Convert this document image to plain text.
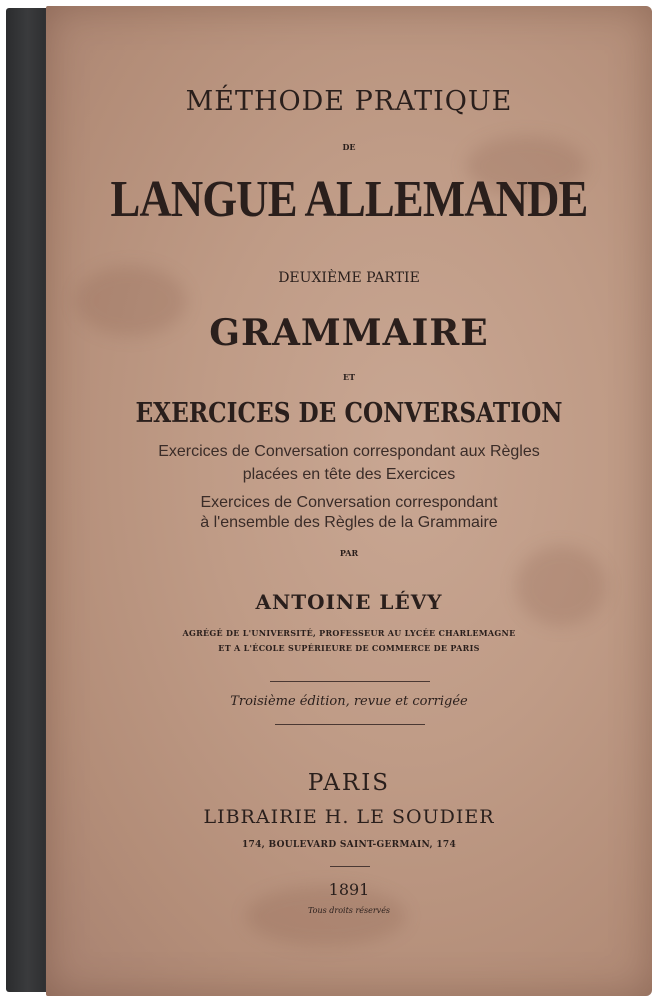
MÉTHODE PRATIQUE
DE
LANGUE ALLEMANDE
DEUXIÈME PARTIE
GRAMMAIRE
ET
EXERCICES DE CONVERSATION
Exercices de Conversation correspondant aux Règles
placées en tête des Exercices
Exercices de Conversation correspondant
à l'ensemble des Règles de la Grammaire
PAR
ANTOINE LÉVY
AGRÉGÉ DE L'UNIVERSITÉ, PROFESSEUR AU LYCÉE CHARLEMAGNE
ET A L'ÉCOLE SUPÉRIEURE DE COMMERCE DE PARIS
Troisième édition, revue et corrigée
PARIS
LIBRAIRIE H. LE SOUDIER
174, BOULEVARD SAINT-GERMAIN, 174
1891
Tous droits réservés
